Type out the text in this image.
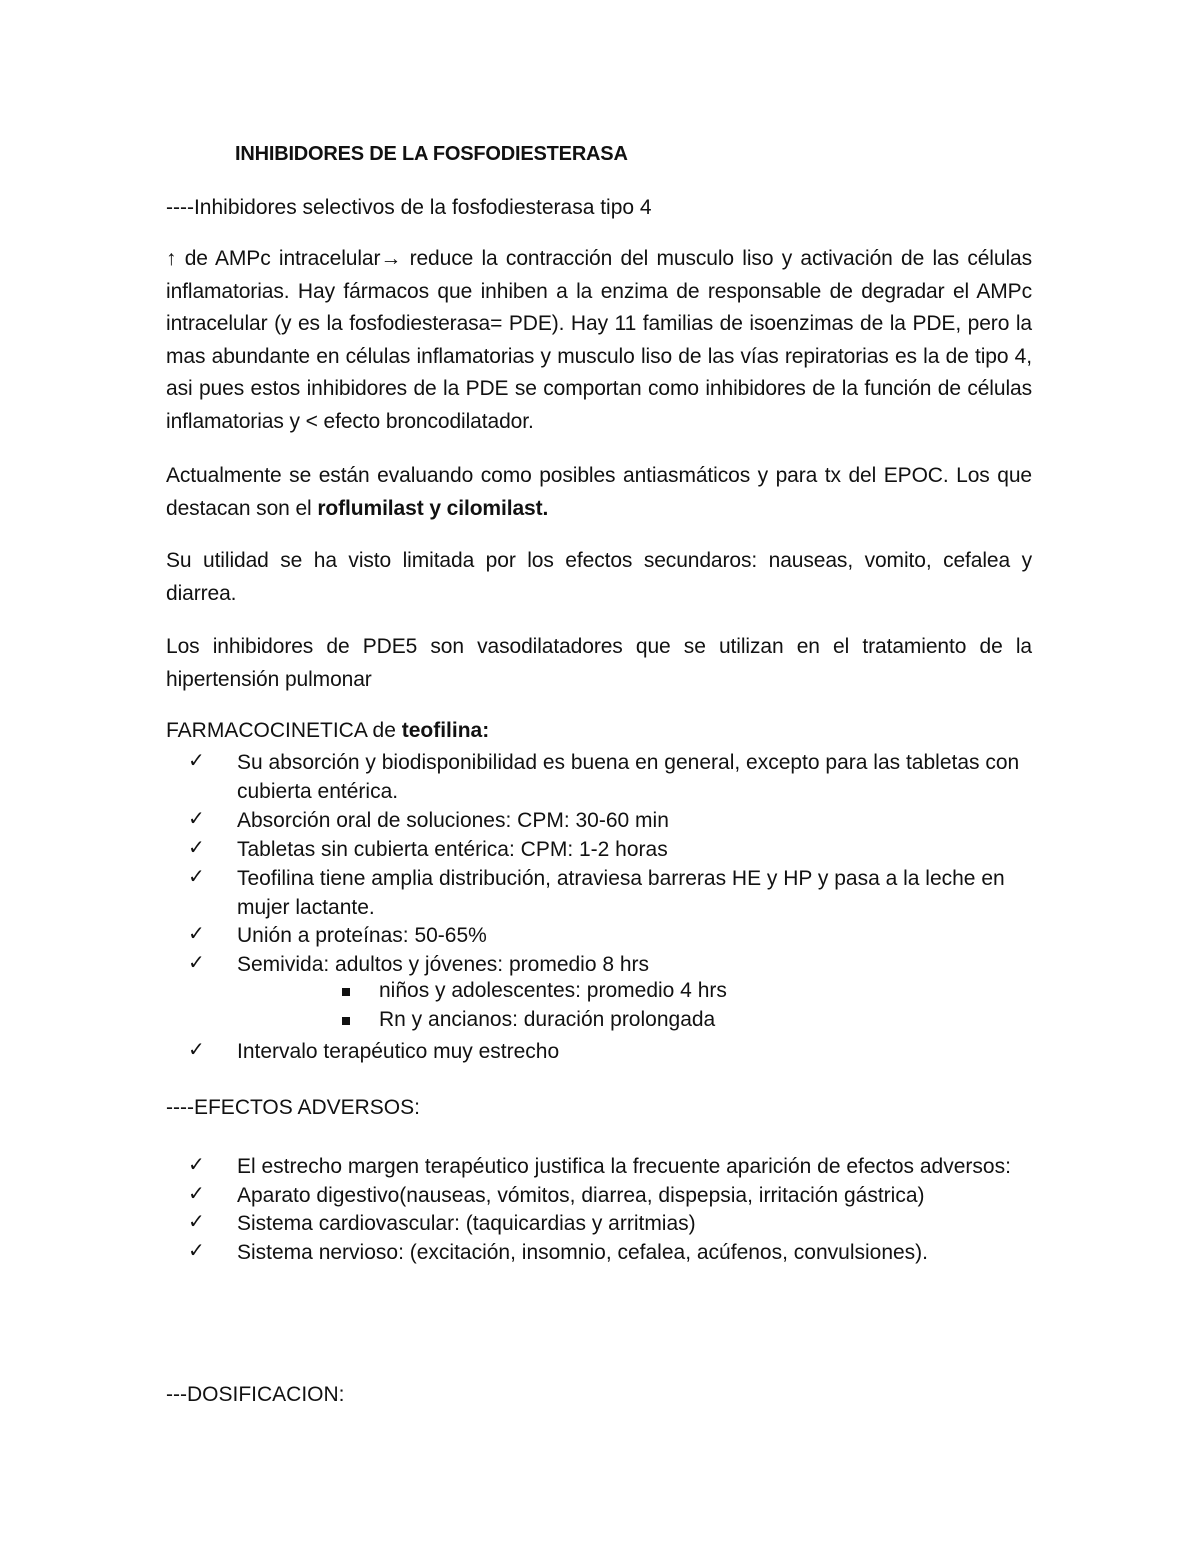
INHIBIDORES DE LA FOSFODIESTERASA
----Inhibidores selectivos de la fosfodiesterasa tipo 4
↑ de AMPc intracelular→ reduce la contracción del musculo liso y activación de las células inflamatorias. Hay fármacos que inhiben a la enzima de responsable de degradar el AMPc intracelular (y es la fosfodiesterasa= PDE). Hay 11 familias de isoenzimas de la PDE, pero la mas abundante en células inflamatorias y musculo liso de las vías repiratorias es la de tipo 4, asi pues estos inhibidores de la PDE se comportan como inhibidores de la función de células inflamatorias y < efecto broncodilatador.
Actualmente se están evaluando como posibles antiasmáticos y para tx del EPOC. Los que destacan son el roflumilast y cilomilast.
Su utilidad se ha visto limitada por los efectos secundaros: nauseas, vomito, cefalea y diarrea.
Los inhibidores de PDE5 son vasodilatadores que se utilizan en el tratamiento de la hipertensión pulmonar
FARMACOCINETICA de teofilina:
✓ Su absorción y biodisponibilidad es buena en general, excepto para las tabletas con cubierta entérica.
✓ Absorción oral de soluciones: CPM: 30-60 min
✓ Tabletas sin cubierta entérica: CPM: 1-2 horas
✓ Teofilina tiene amplia distribución, atraviesa barreras HE y HP y pasa a la leche en mujer lactante.
✓ Unión a proteínas: 50-65%
✓ Semivida: adultos y jóvenes: promedio 8 hrs
niños y adolescentes: promedio 4 hrs
Rn y ancianos: duración prolongada
✓ Intervalo terapéutico muy estrecho
----EFECTOS ADVERSOS:
✓ El estrecho margen terapéutico justifica la frecuente aparición de efectos adversos:
✓ Aparato digestivo(nauseas, vómitos, diarrea, dispepsia, irritación gástrica)
✓ Sistema cardiovascular: (taquicardias y arritmias)
✓ Sistema nervioso: (excitación, insomnio, cefalea, acúfenos, convulsiones).
---DOSIFICACION:
